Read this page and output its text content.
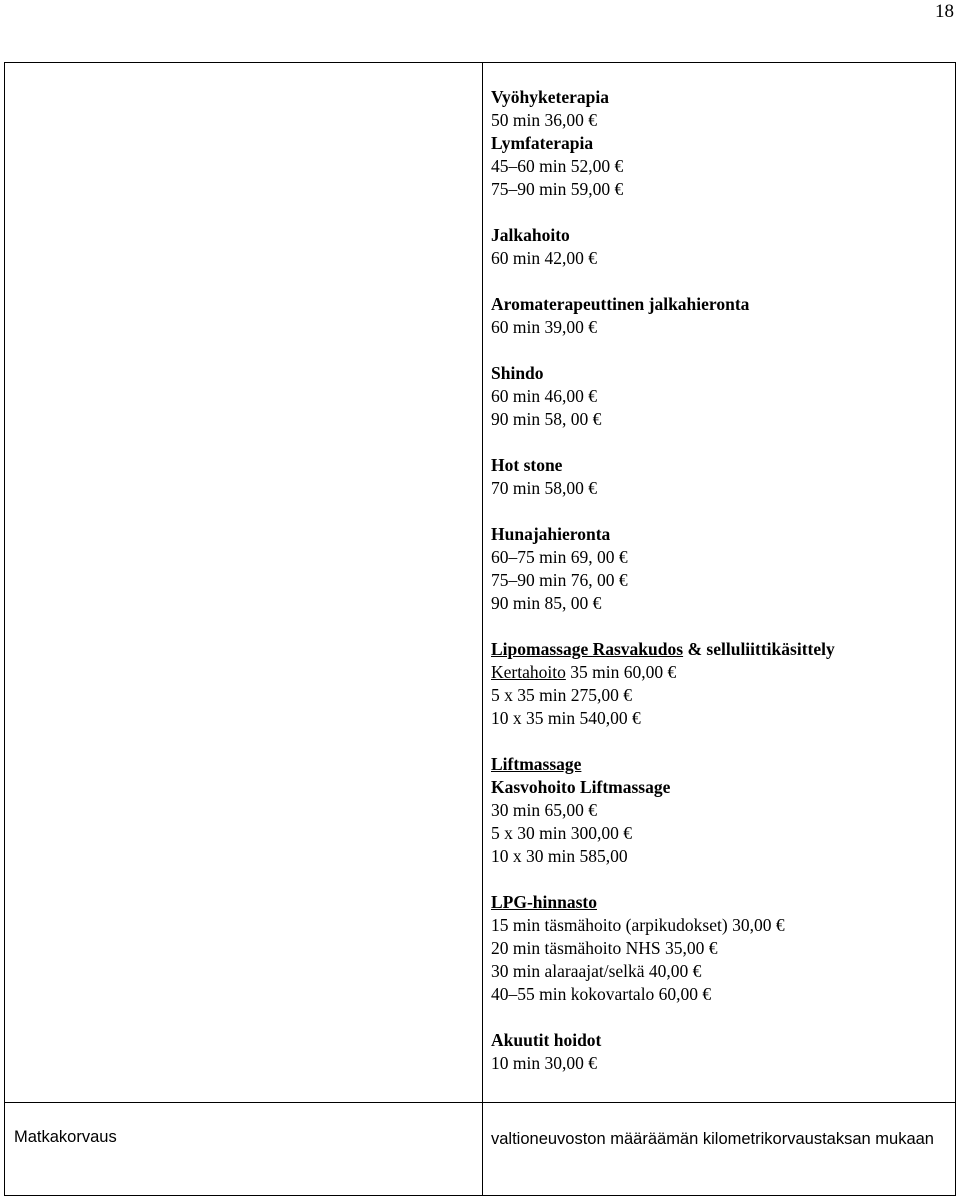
18
Vyöhyketerapia
50 min 36,00 €
Lymfaterapia
45–60 min 52,00 €
75–90 min 59,00 €
Jalkahoito
60 min 42,00 €
Aromaterapeuttinen jalkahieronta
60 min 39,00 €
Shindo
60 min 46,00 €
90 min 58, 00 €
Hot stone
70 min 58,00 €
Hunajahieronta
60–75 min 69, 00 €
75–90 min 76, 00 €
90 min 85, 00 €
Lipomassage Rasvakudos & selluliittikäsittely
Kertahoito 35 min 60,00 €
5 x 35 min 275,00 €
10 x 35 min 540,00 €
Liftmassage
Kasvohoito Liftmassage
30 min 65,00 €
5 x 30 min 300,00 €
10 x 30 min 585,00
LPG-hinnasto
15 min täsmähoito (arpikudokset) 30,00 €
20 min täsmähoito NHS 35,00 €
30 min alaraajat/selkä 40,00 €
40–55 min kokovartalo 60,00 €
Akuutit hoidot
10 min 30,00 €
Matkakorvaus	valtioneuvoston määräämän kilometrikorvaustaksan mukaan
